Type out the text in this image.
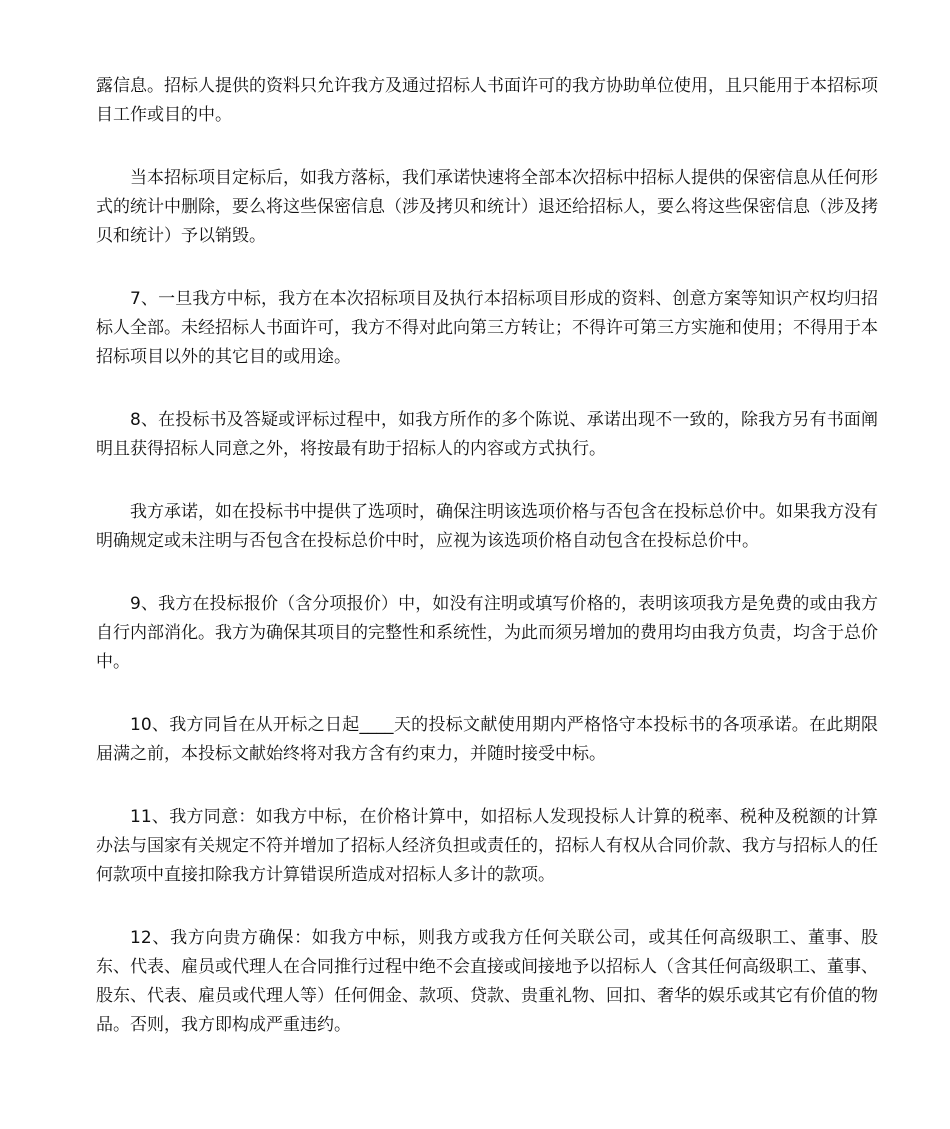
露信息。招标人提供的资料只允许我方及通过招标人书面许可的我方协助单位使用，且只能用于本招标项目工作或目的中。

当本招标项目定标后，如我方落标，我们承诺快速将全部本次招标中招标人提供的保密信息从任何形式的统计中删除，要么将这些保密信息（涉及拷贝和统计）退还给招标人，要么将这些保密信息（涉及拷贝和统计）予以销毁。

7、一旦我方中标，我方在本次招标项目及执行本招标项目形成的资料、创意方案等知识产权均归招标人全部。未经招标人书面许可，我方不得对此向第三方转让；不得许可第三方实施和使用；不得用于本招标项目以外的其它目的或用途。

8、在投标书及答疑或评标过程中，如我方所作的多个陈说、承诺出现不一致的，除我方另有书面阐明且获得招标人同意之外，将按最有助于招标人的内容或方式执行。

我方承诺，如在投标书中提供了选项时，确保注明该选项价格与否包含在投标总价中。如果我方没有明确规定或未注明与否包含在投标总价中时，应视为该选项价格自动包含在投标总价中。

9、我方在投标报价（含分项报价）中，如没有注明或填写价格的，表明该项我方是免费的或由我方自行内部消化。我方为确保其项目的完整性和系统性，为此而须另增加的费用均由我方负责，均含于总价中。

10、我方同旨在从开标之日起____天的投标文献使用期内严格恪守本投标书的各项承诺。在此期限届满之前，本投标文献始终将对我方含有约束力，并随时接受中标。

11、我方同意：如我方中标，在价格计算中，如招标人发现投标人计算的税率、税种及税额的计算办法与国家有关规定不符并增加了招标人经济负担或责任的，招标人有权从合同价款、我方与招标人的任何款项中直接扣除我方计算错误所造成对招标人多计的款项。

12、我方向贵方确保：如我方中标，则我方或我方任何关联公司，或其任何高级职工、董事、股东、代表、雇员或代理人在合同推行过程中绝不会直接或间接地予以招标人（含其任何高级职工、董事、股东、代表、雇员或代理人等）任何佣金、款项、贷款、贵重礼物、回扣、奢华的娱乐或其它有价值的物品。否则，我方即构成严重违约。
